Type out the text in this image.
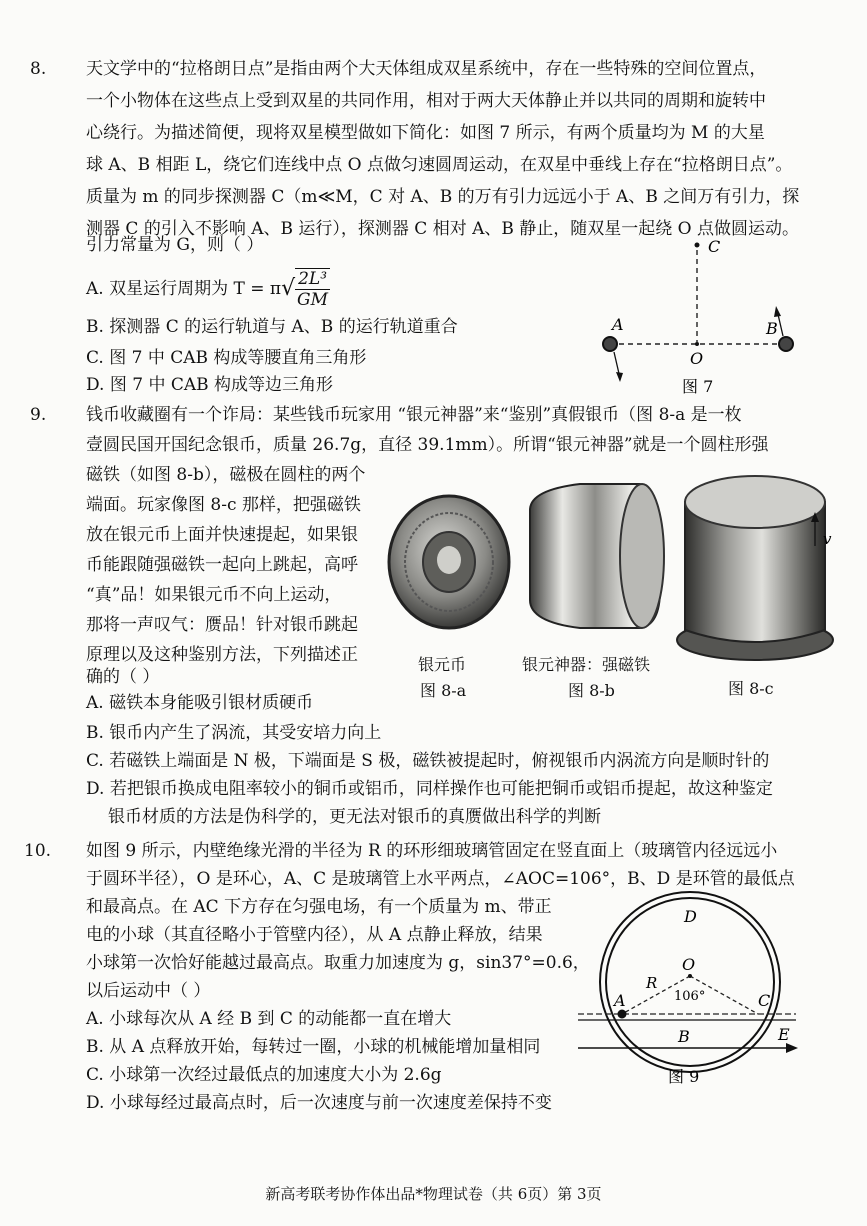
8. 天文学中的“拉格朗日点”是指由两个大天体组成双星系统中，存在一些特殊的空间位置点，
一个小物体在这些点上受到双星的共同作用，相对于两大天体静止并以共同的周期和旋转中
心绕行。为描述简便，现将双星模型做如下简化：如图 7 所示，有两个质量均为 M 的大星
球 A、B 相距 L，绕它们连线中点 O 点做匀速圆周运动，在双星中垂线上存在“拉格朗日点”。
质量为 m 的同步探测器 C（m≪M，C 对 A、B 的万有引力远远小于 A、B 之间万有引力，探
测器 C 的引入不影响 A、B 运行），探测器 C 相对 A、B 静止，随双星一起绕 O 点做圆运动。
引力常量为 G，则（ ）
A. 双星运行周期为 $T = \pi√ \frac{\text{2L³}}{GM}$
B. 探测器 C 的运行轨道与 A、B 的运行轨道重合
C. 图 7 中 CAB 构成等腰直角三角形
D. 图 7 中 CAB 构成等边三角形
C
A	B
O
图 7
9. 钱币收藏圈有一个诈局：某些钱币玩家用 “银元神器”来“鉴别”真假银币（图 8-a 是一枚
壹圆民国开国纪念银币，质量 26.7g，直径 39.1mm）。所谓“银元神器”就是一个圆柱形强
磁铁（如图 8-b），磁极在圆柱的两个
端面。玩家像图 8-c 那样，把强磁铁
放在银元币上面并快速提起，如果银
币能跟随强磁铁一起向上跳起，高呼
“真”品！如果银元币不向上运动，
那将一声叹气：赝品！针对银币跳起
原理以及这种鉴别方法，下列描述正
确的（ ）
A. 磁铁本身能吸引银材质硬币
B. 银币内产生了涡流，其受安培力向上
C. 若磁铁上端面是 N 极，下端面是 S 极，磁铁被提起时，俯视银币内涡流方向是顺时针的
D. 若把银币换成电阻率较小的铜币或铝币，同样操作也可能把铜币或铝币提起，故这种鉴定
银币材质的方法是伪科学的，更无法对银币的真赝做出科学的判断
银元币
图 8-a
银元神器：强磁铁
图 8-b
v
图 8-c
10. 如图 9 所示，内壁绝缘光滑的半径为 R 的环形细玻璃管固定在竖直面上（玻璃管内径远远小
于圆环半径），O 是环心，A、C 是玻璃管上水平两点，∠AOC=106°，B、D 是环管的最低点
和最高点。在 AC 下方存在匀强电场，有一个质量为 m、带正
电的小球（其直径略小于管壁内径），从 A 点静止释放，结果
小球第一次恰好能越过最高点。取重力加速度为 g，sin37°=0.6，
以后运动中（ ）
A. 小球每次从 A 经 B 到 C 的动能都一直在增大
B. 从 A 点释放开始，每转过一圈，小球的机械能增加量相同
C. 小球第一次经过最低点的加速度大小为 2.6g
D. 小球每经过最高点时，后一次速度与前一次速度差保持不变
D
O
R
106°
A	C
B	E
图 9
新高考联考协作体出品*物理试卷（共 6页）第 3页
